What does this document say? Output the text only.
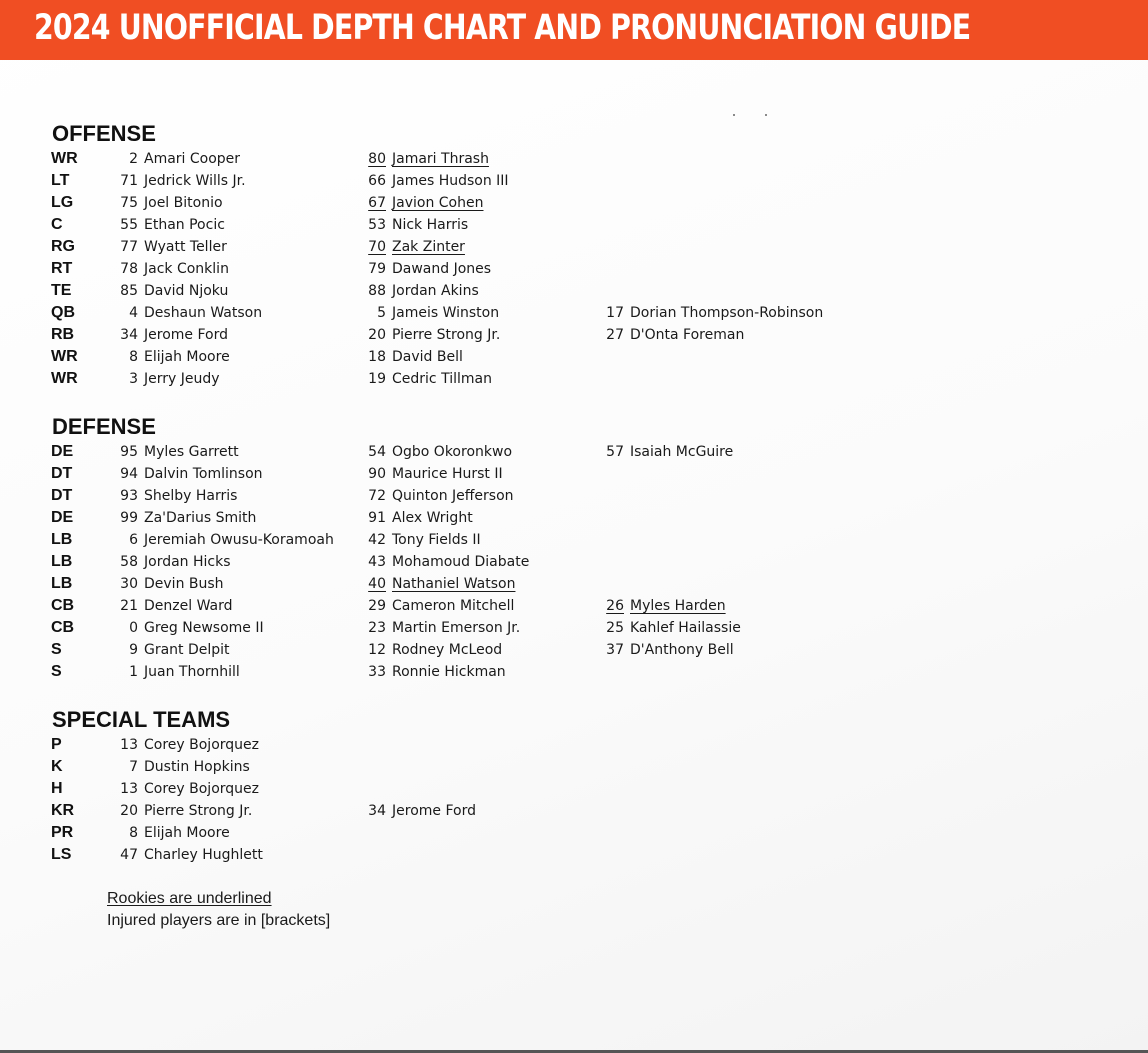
2024 UNOFFICIAL DEPTH CHART AND PRONUNCIATION GUIDE
OFFENSE
WR	2 Amari Cooper	80 Jamari Thrash
LT	71 Jedrick Wills Jr.	66 James Hudson III
LG	75 Joel Bitonio	67 Javion Cohen
C	55 Ethan Pocic	53 Nick Harris
RG	77 Wyatt Teller	70 Zak Zinter
RT	78 Jack Conklin	79 Dawand Jones
TE	85 David Njoku	88 Jordan Akins
QB	4 Deshaun Watson	5 Jameis Winston	17 Dorian Thompson-Robinson
RB	34 Jerome Ford	20 Pierre Strong Jr.	27 D'Onta Foreman
WR	8 Elijah Moore	18 David Bell
WR	3 Jerry Jeudy	19 Cedric Tillman
DEFENSE
DE	95 Myles Garrett	54 Ogbo Okoronkwo	57 Isaiah McGuire
DT	94 Dalvin Tomlinson	90 Maurice Hurst II
DT	93 Shelby Harris	72 Quinton Jefferson
DE	99 Za'Darius Smith	91 Alex Wright
LB	6 Jeremiah Owusu-Koramoah	42 Tony Fields II
LB	58 Jordan Hicks	43 Mohamoud Diabate
LB	30 Devin Bush	40 Nathaniel Watson
CB	21 Denzel Ward	29 Cameron Mitchell	26 Myles Harden
CB	0 Greg Newsome II	23 Martin Emerson Jr.	25 Kahlef Hailassie
S	9 Grant Delpit	12 Rodney McLeod	37 D'Anthony Bell
S	1 Juan Thornhill	33 Ronnie Hickman
SPECIAL TEAMS
P	13 Corey Bojorquez
K	7 Dustin Hopkins
H	13 Corey Bojorquez
KR	20 Pierre Strong Jr.	34 Jerome Ford
PR	8 Elijah Moore
LS	47 Charley Hughlett
Rookies are underlined
Injured players are in [brackets]
